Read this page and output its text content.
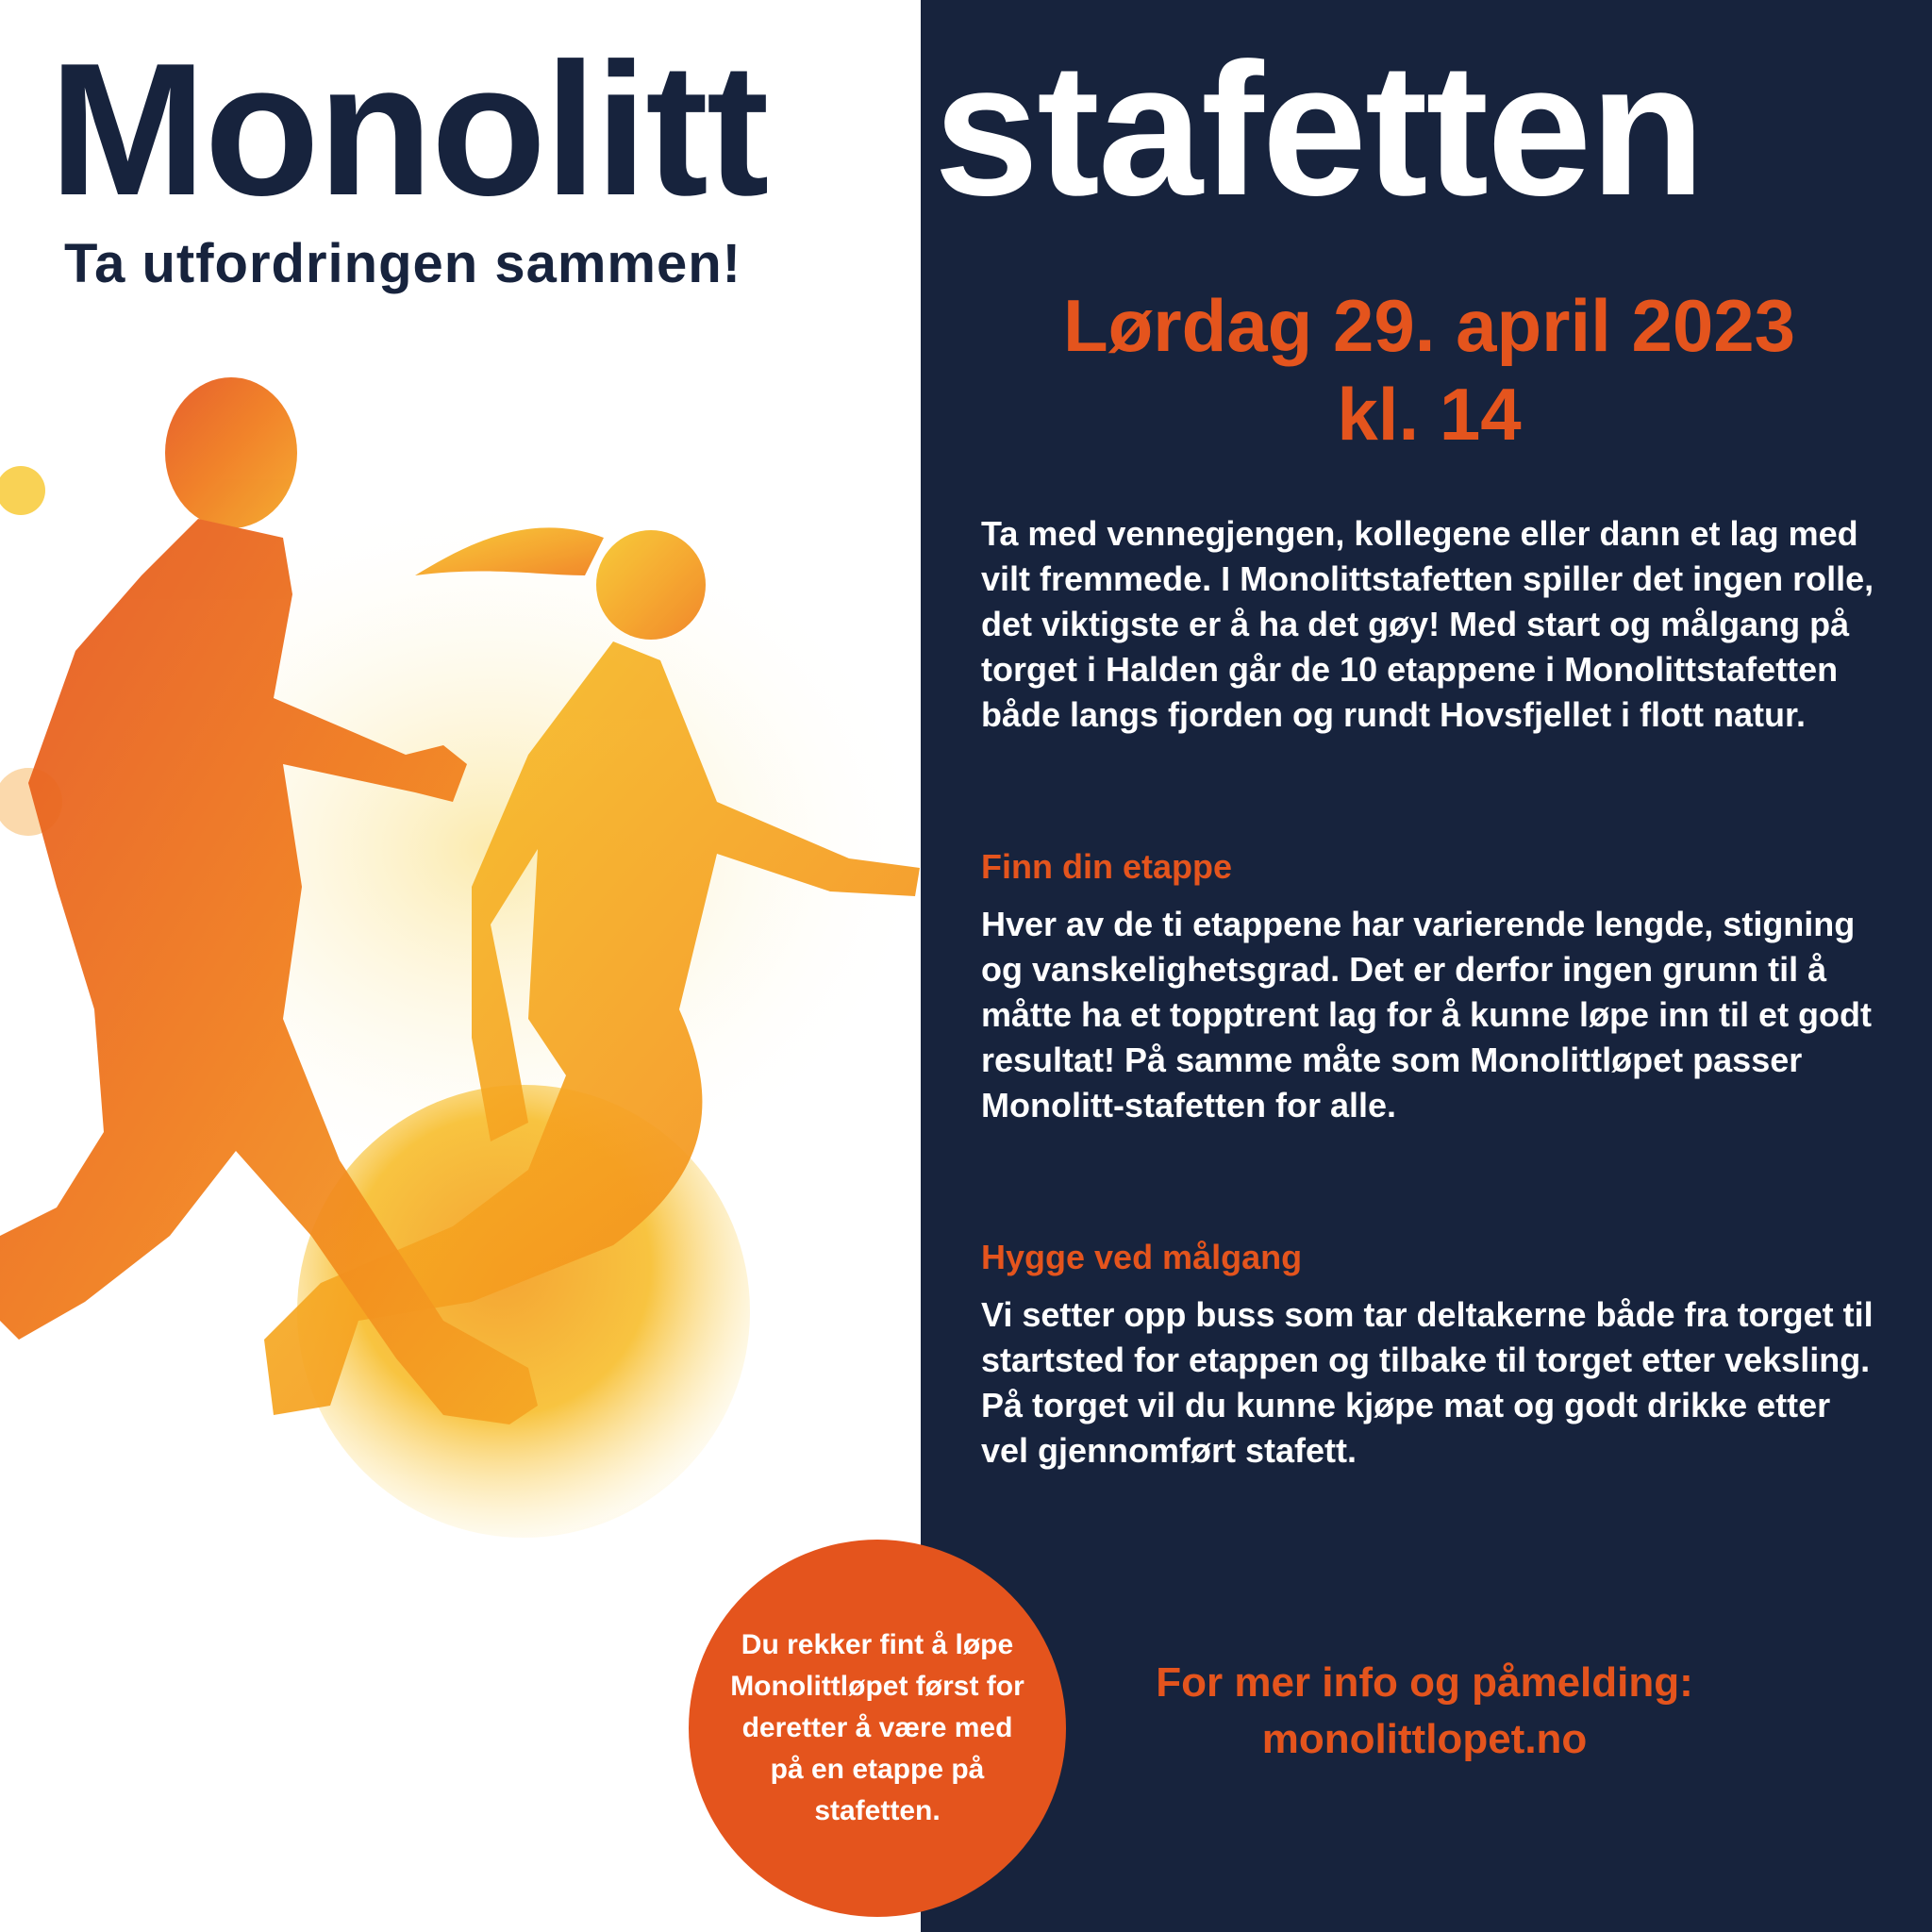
Monolitt

Ta utfordringen sammen!

stafetten
Lørdag 29. april 2023
kl. 14

Ta med vennegjengen, kollegene eller dann et lag med vilt fremmede. I Monolittstafetten spiller det ingen rolle, det viktigste er å ha det gøy! Med start og målgang på torget i Halden går de 10 etappene i Monolittstafetten både langs fjorden og rundt Hovsfjellet i flott natur.

Finn din etappe

Hver av de ti etappene har varierende lengde, stigning og vanskelighetsgrad. Det er derfor ingen grunn til å måtte ha et topptrent lag for å kunne løpe inn til et godt resultat! På samme måte som Monolittløpet passer Monolitt-stafetten for alle.

Hygge ved målgang

Vi setter opp buss som tar deltakerne både fra torget til startsted for etappen og tilbake til torget etter veksling. På torget vil du kunne kjøpe mat og godt drikke etter vel gjennomført stafett.

For mer info og påmelding:
monolittlopet.no

Du rekker fint å løpe Monolittløpet først for deretter å være med på en etappe på stafetten.
